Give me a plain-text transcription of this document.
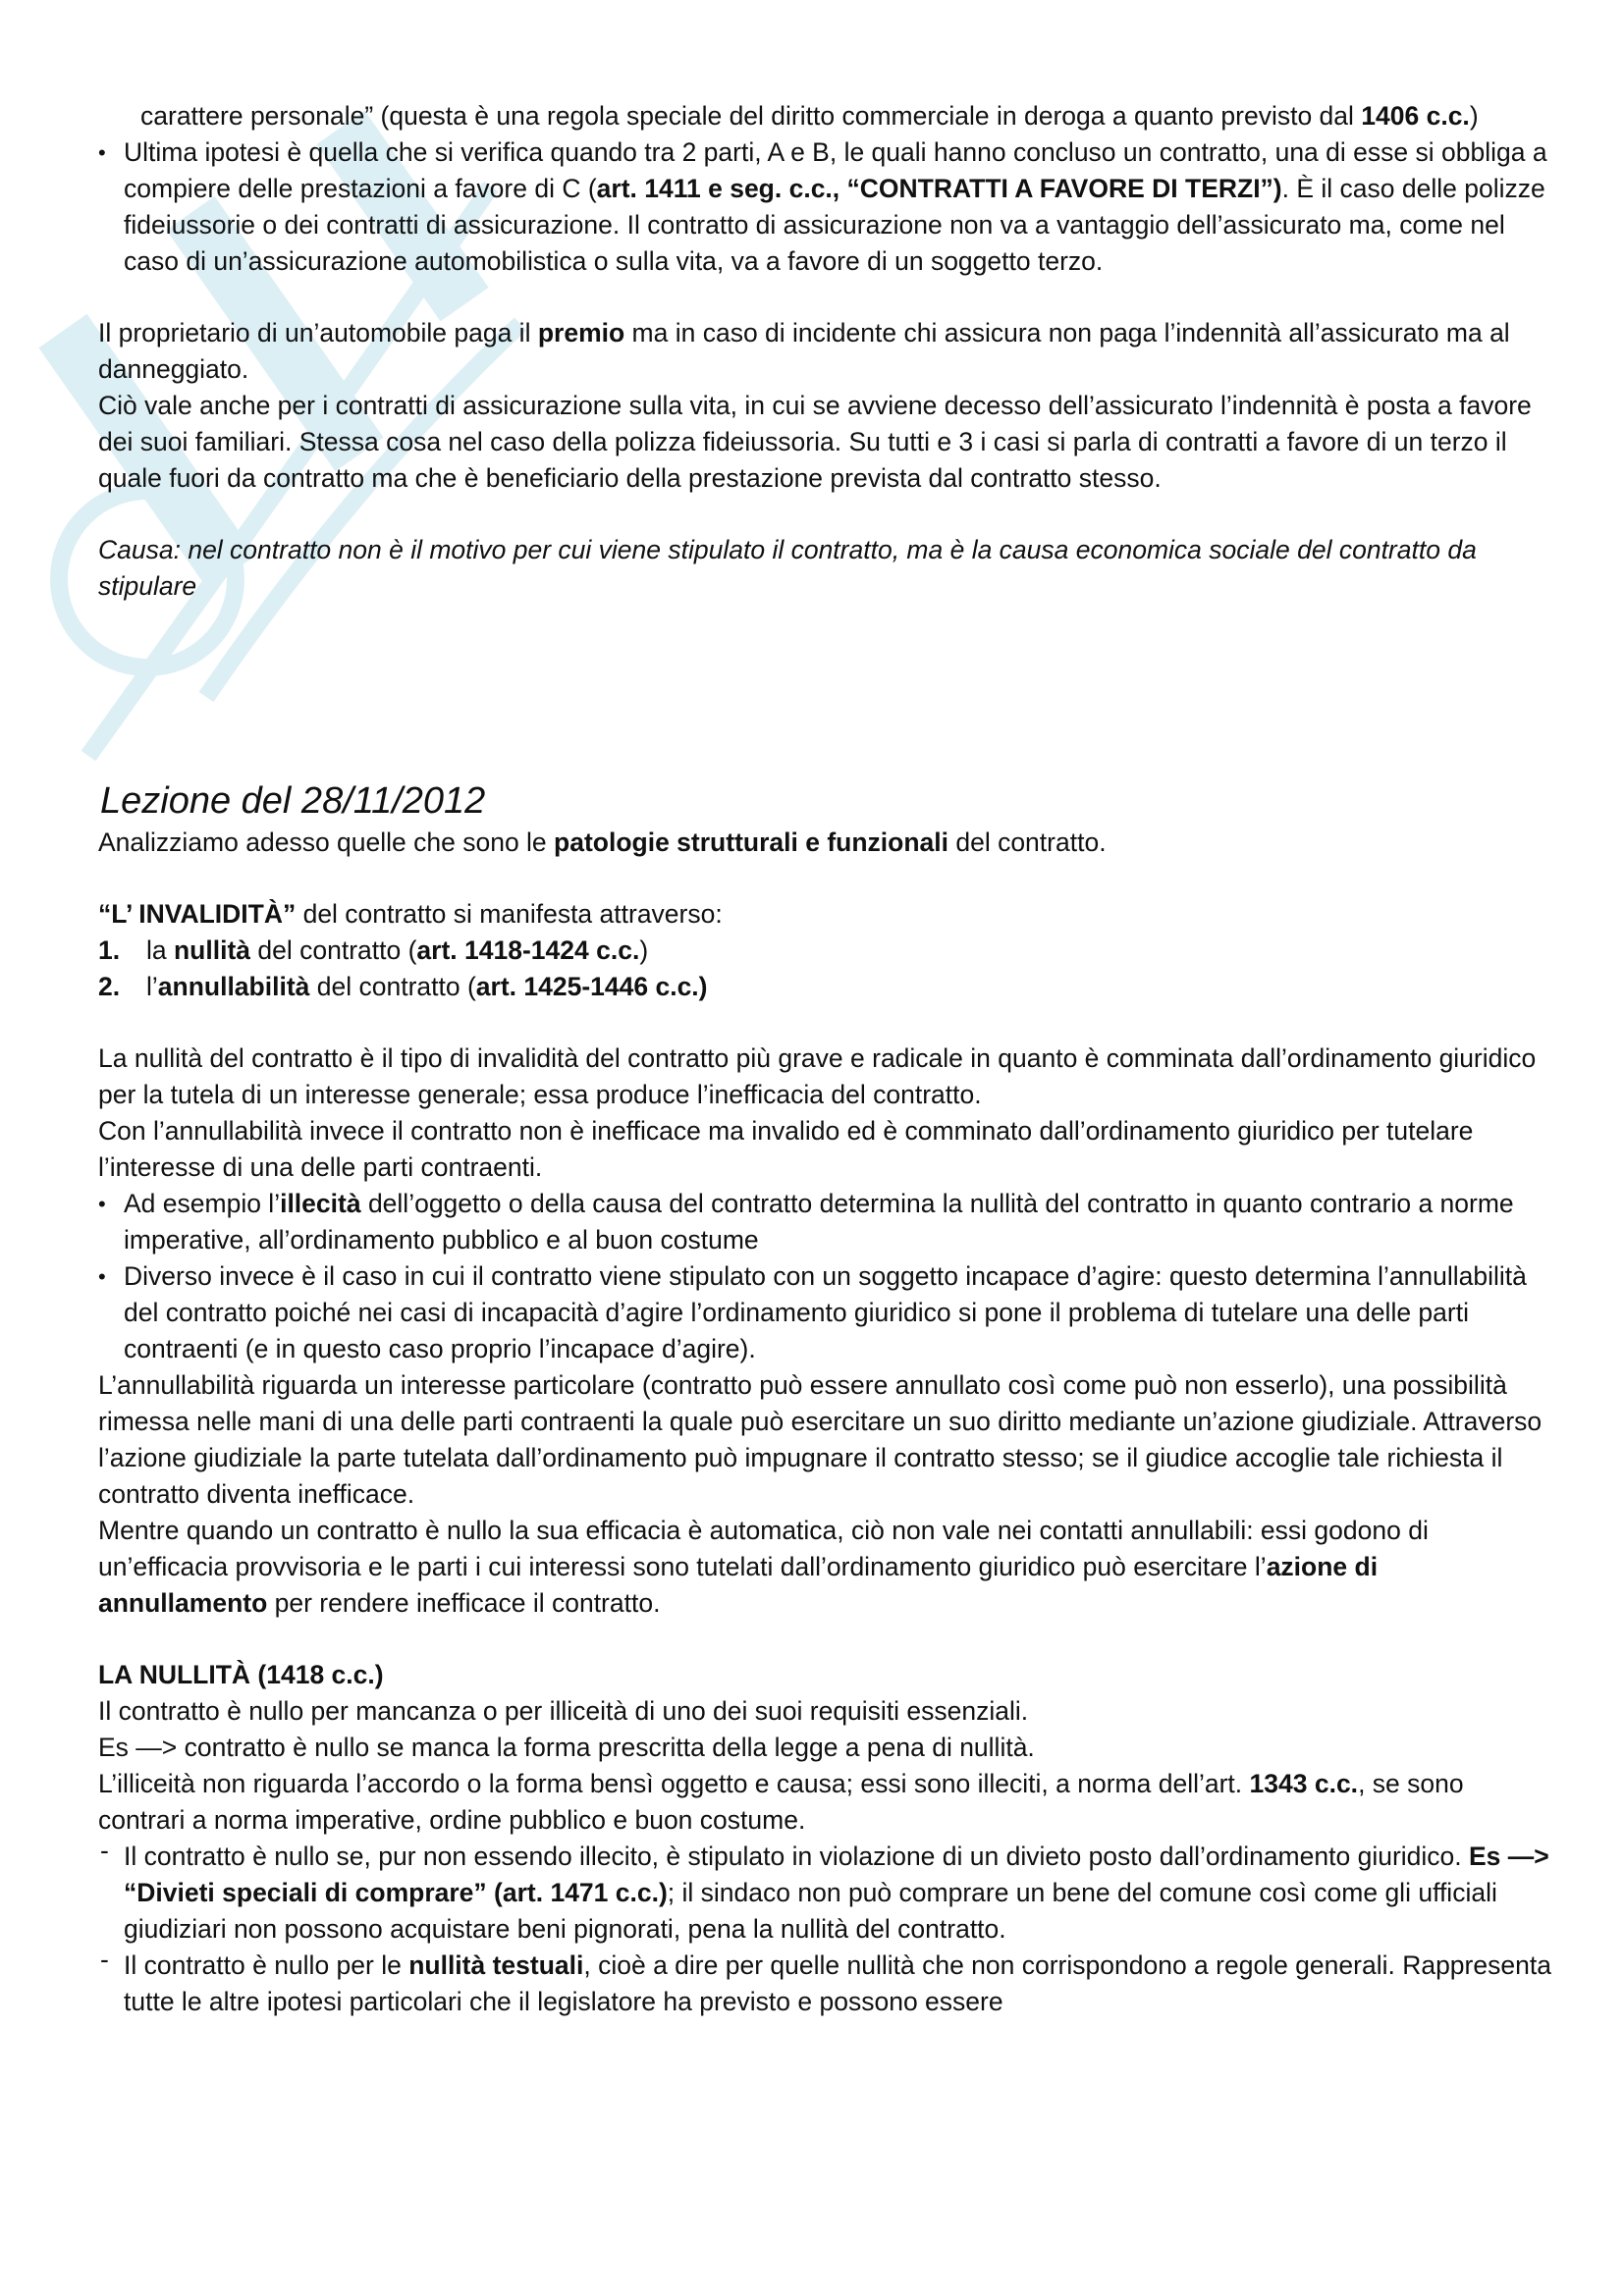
carattere personale” (questa è una regola speciale del diritto commerciale in deroga a quanto previsto dal 1406 c.c.)

• Ultima ipotesi è quella che si verifica quando tra 2 parti, A e B, le quali hanno concluso un contratto, una di esse si obbliga a compiere delle prestazioni a favore di C (art. 1411 e seg. c.c., “CONTRATTI A FAVORE DI TERZI”). È il caso delle polizze fideiussorie o dei contratti di assicurazione. Il contratto di assicurazione non va a vantaggio dell’assicurato ma, come nel caso di un’assicurazione automobilistica o sulla vita, va a favore di un soggetto terzo.

Il proprietario di un’automobile paga il premio ma in caso di incidente chi assicura non paga l’indennità all’assicurato ma al danneggiato.

Ciò vale anche per i contratti di assicurazione sulla vita, in cui se avviene decesso dell’assicurato l’indennità è posta a favore dei suoi familiari. Stessa cosa nel caso della polizza fideiussoria. Su tutti e 3 i casi si parla di contratti a favore di un terzo il quale fuori da contratto ma che è beneficiario della prestazione prevista dal contratto stesso.

Causa: nel contratto non è il motivo per cui viene stipulato il contratto, ma è la causa economica sociale del contratto da stipulare

Lezione del 28/11/2012

Analizziamo adesso quelle che sono le patologie strutturali e funzionali del contratto.

“L’ INVALIDITÀ” del contratto si manifesta attraverso:

1. la nullità del contratto (art. 1418-1424 c.c.)

2. l’annullabilità del contratto (art. 1425-1446 c.c.)

La nullità del contratto è il tipo di invalidità del contratto più grave e radicale in quanto è comminata dall’ordinamento giuridico per la tutela di un interesse generale; essa produce l’inefficacia del contratto.

Con l’annullabilità invece il contratto non è inefficace ma invalido ed è comminato dall’ordinamento giuridico per tutelare l’interesse di una delle parti contraenti.

• Ad esempio l’illecità dell’oggetto o della causa del contratto determina la nullità del contratto in quanto contrario a norme imperative, all’ordinamento pubblico e al buon costume

• Diverso invece è il caso in cui il contratto viene stipulato con un soggetto incapace d’agire: questo determina l’annullabilità del contratto poiché nei casi di incapacità d’agire l’ordinamento giuridico si pone il problema di tutelare una delle parti contraenti (e in questo caso proprio l’incapace d’agire).

L’annullabilità riguarda un interesse particolare (contratto può essere annullato così come può non esserlo), una possibilità rimessa nelle mani di una delle parti contraenti la quale può esercitare un suo diritto mediante un’azione giudiziale. Attraverso l’azione giudiziale la parte tutelata dall’ordinamento può impugnare il contratto stesso; se il giudice accoglie tale richiesta il contratto diventa inefficace.

Mentre quando un contratto è nullo la sua efficacia è automatica, ciò non vale nei contatti annullabili: essi godono di un’efficacia provvisoria e le parti i cui interessi sono tutelati dall’ordinamento giuridico può esercitare l’azione di annullamento per rendere inefficace il contratto.

LA NULLITÀ (1418 c.c.)

Il contratto è nullo per mancanza o per illiceità di uno dei suoi requisiti essenziali.

Es —> contratto è nullo se manca la forma prescritta della legge a pena di nullità.

L’illiceità non riguarda l’accordo o la forma bensì oggetto e causa; essi sono illeciti, a norma dell’art. 1343 c.c., se sono contrari a norma imperative, ordine pubblico e buon costume.

- Il contratto è nullo se, pur non essendo illecito, è stipulato in violazione di un divieto posto dall’ordinamento giuridico. Es —> “Divieti speciali di comprare” (art. 1471 c.c.); il sindaco non può comprare un bene del comune così come gli ufficiali giudiziari non possono acquistare beni pignorati, pena la nullità del contratto.

- Il contratto è nullo per le nullità testuali, cioè a dire per quelle nullità che non corrispondono a regole generali. Rappresenta tutte le altre ipotesi particolari che il legislatore ha previsto e possono essere
